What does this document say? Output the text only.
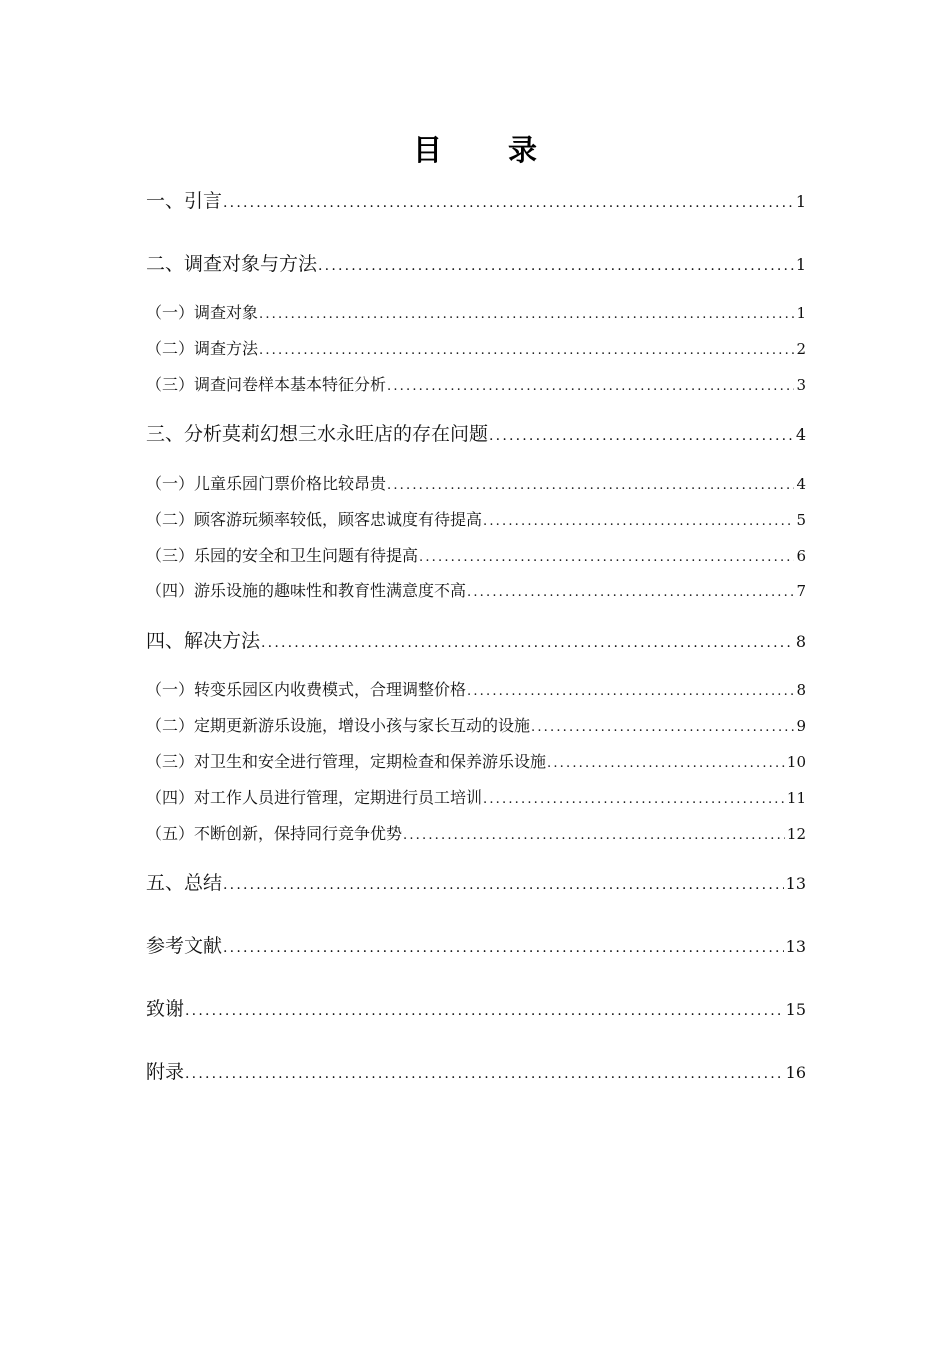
目 录
一、引言 .....	1
二、调查对象与方法 .....	1
（一）调查对象 .....	1
（二）调查方法 .....	2
（三）调查问卷样本基本特征分析 .....	3
三、分析莫莉幻想三水永旺店的存在问题 .....	4
（一）儿童乐园门票价格比较昂贵 .....	4
（二）顾客游玩频率较低，顾客忠诚度有待提高 .....	5
（三）乐园的安全和卫生问题有待提高 .....	6
（四）游乐设施的趣味性和教育性满意度不高 .....	7
四、解决方法 .....	8
（一）转变乐园区内收费模式，合理调整价格 .....	8
（二）定期更新游乐设施，增设小孩与家长互动的设施 .....	9
（三）对卫生和安全进行管理，定期检查和保养游乐设施 .....	10
（四）对工作人员进行管理，定期进行员工培训 .....	11
（五）不断创新，保持同行竞争优势 .....	12
五、总结 .....	13
参考文献 .....	13
致谢 .....	15
附录 .....	16
